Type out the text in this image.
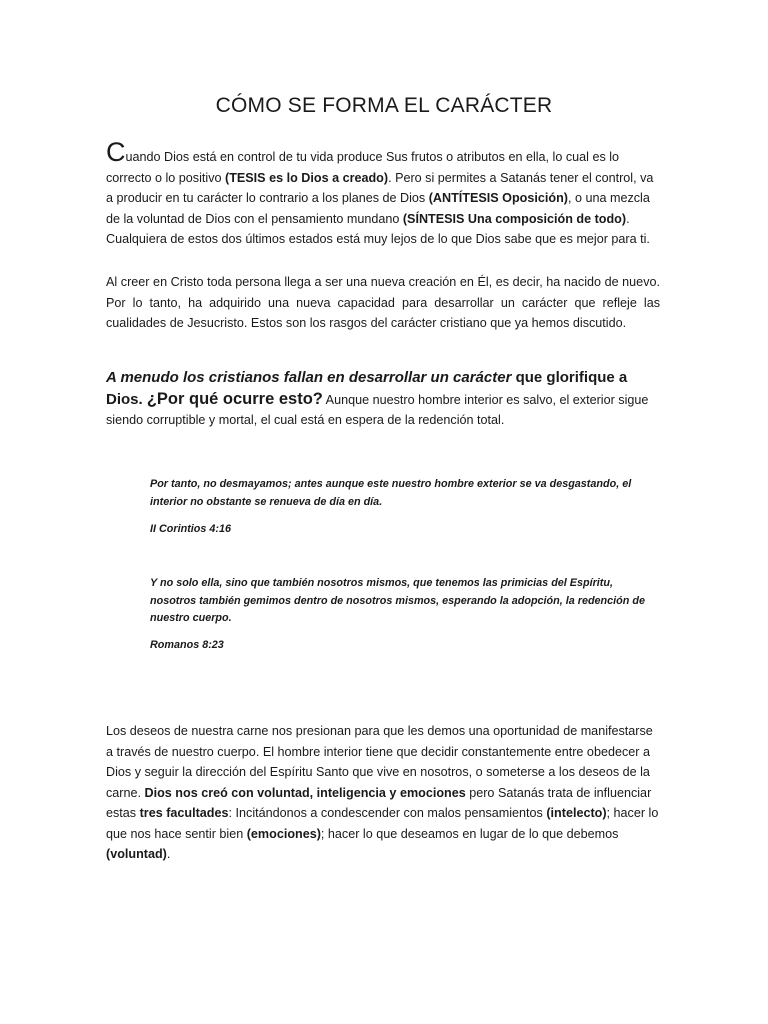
CÓMO SE FORMA EL CARÁCTER

Cuando Dios está en control de tu vida produce Sus frutos o atributos en ella, lo cual es lo correcto o lo positivo (TESIS es lo Dios a creado). Pero si permites a Satanás tener el control, va a producir en tu carácter lo contrario a los planes de Dios (ANTÍTESIS Oposición), o una mezcla de la voluntad de Dios con el pensamiento mundano (SÍNTESIS Una composición de todo). Cualquiera de estos dos últimos estados está muy lejos de lo que Dios sabe que es mejor para ti.

Al creer en Cristo toda persona llega a ser una nueva creación en Él, es decir, ha nacido de nuevo. Por lo tanto, ha adquirido una nueva capacidad para desarrollar un carácter que refleje las cualidades de Jesucristo. Estos son los rasgos del carácter cristiano que ya hemos discutido.

A menudo los cristianos fallan en desarrollar un carácter que glorifique a Dios. ¿Por qué ocurre esto? Aunque nuestro hombre interior es salvo, el exterior sigue siendo corruptible y mortal, el cual está en espera de la redención total.

Por tanto, no desmayamos; antes aunque este nuestro hombre exterior se va desgastando, el interior no obstante se renueva de día en día.

II Corintios 4:16

Y no solo ella, sino que también nosotros mismos, que tenemos las primicias del Espíritu, nosotros también gemimos dentro de nosotros mismos, esperando la adopción, la redención de nuestro cuerpo.

Romanos 8:23

Los deseos de nuestra carne nos presionan para que les demos una oportunidad de manifestarse a través de nuestro cuerpo. El hombre interior tiene que decidir constantemente entre obedecer a Dios y seguir la dirección del Espíritu Santo que vive en nosotros, o someterse a los deseos de la carne. Dios nos creó con voluntad, inteligencia y emociones pero Satanás trata de influenciar estas tres facultades: Incitándonos a condescender con malos pensamientos (intelecto); hacer lo que nos hace sentir bien (emociones); hacer lo que deseamos en lugar de lo que debemos (voluntad).
